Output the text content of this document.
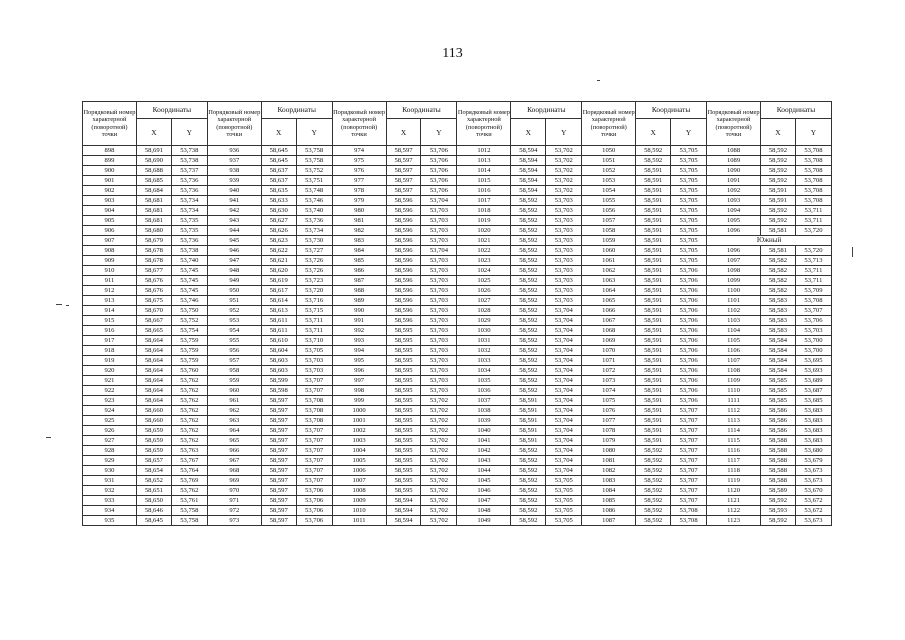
113
Порядковый номер характерной (поворотной) точки	Координаты		Порядковый номер характерной (поворотной) точки	Координаты		Порядковый номер характерной (поворотной) точки	Координаты		Порядковый номер характерной (поворотной) точки	Координаты		Порядковый номер характерной (поворотной) точки	Координаты		Порядковый номер характерной (поворотной) точки	Координаты	
	X	Y		X	Y		X	Y		X	Y		X	Y		X	Y
898	58,691	53,738	936	58,645	53,758	974	58,597	53,706	1012	58,594	53,702	1050	58,592	53,705	1088	58,592	53,708
899	58,690	53,738	937	58,645	53,758	975	58,597	53,706	1013	58,594	53,702	1051	58,592	53,705	1089	58,592	53,708
900	58,688	53,737	938	58,637	53,752	976	58,597	53,706	1014	58,594	53,702	1052	58,591	53,705	1090	58,592	53,708
901	58,685	53,736	939	58,637	53,751	977	58,597	53,706	1015	58,594	53,702	1053	58,591	53,705	1091	58,592	53,708
902	58,684	53,736	940	58,635	53,748	978	58,597	53,706	1016	58,594	53,702	1054	58,591	53,705	1092	58,591	53,708
903	58,681	53,734	941	58,633	53,746	979	58,596	53,704	1017	58,592	53,703	1055	58,591	53,705	1093	58,591	53,708
904	58,681	53,734	942	58,630	53,740	980	58,596	53,703	1018	58,592	53,703	1056	58,591	53,705	1094	58,592	53,711
905	58,681	53,735	943	58,627	53,736	981	58,596	53,703	1019	58,592	53,703	1057	58,591	53,705	1095	58,592	53,711
906	58,680	53,735	944	58,626	53,734	982	58,596	53,703	1020	58,592	53,703	1058	58,591	53,705	1096	58,581	53,720
907	58,679	53,736	945	58,623	53,730	983	58,596	53,703	1021	58,592	53,703	1059	58,591	53,705	Южный		
908	58,678	53,738	946	58,622	53,727	984	58,596	53,704	1022	58,592	53,703	1060	58,591	53,705	1096	58,581	53,720
909	58,678	53,740	947	58,621	53,726	985	58,596	53,703	1023	58,592	53,703	1061	58,591	53,705	1097	58,582	53,713
910	58,677	53,745	948	58,620	53,726	986	58,596	53,703	1024	58,592	53,703	1062	58,591	53,706	1098	58,582	53,711
911	58,676	53,745	949	58,619	53,723	987	58,596	53,703	1025	58,592	53,703	1063	58,591	53,706	1099	58,582	53,711
912	58,676	53,745	950	58,617	53,720	988	58,596	53,703	1026	58,592	53,703	1064	58,591	53,706	1100	58,582	53,709
913	58,675	53,746	951	58,614	53,716	989	58,596	53,703	1027	58,592	53,703	1065	58,591	53,706	1101	58,583	53,708
914	58,670	53,750	952	58,613	53,715	990	58,596	53,703	1028	58,592	53,704	1066	58,591	53,706	1102	58,583	53,707
915	58,667	53,752	953	58,611	53,711	991	58,596	53,703	1029	58,592	53,704	1067	58,591	53,706	1103	58,583	53,706
916	58,665	53,754	954	58,611	53,711	992	58,595	53,703	1030	58,592	53,704	1068	58,591	53,706	1104	58,583	53,703
917	58,664	53,759	955	58,610	53,710	993	58,595	53,703	1031	58,592	53,704	1069	58,591	53,706	1105	58,584	53,700
918	58,664	53,759	956	58,604	53,705	994	58,595	53,703	1032	58,592	53,704	1070	58,591	53,706	1106	58,584	53,700
919	58,664	53,759	957	58,603	53,703	995	58,595	53,703	1033	58,592	53,704	1071	58,591	53,706	1107	58,584	53,695
920	58,664	53,760	958	58,603	53,703	996	58,595	53,703	1034	58,592	53,704	1072	58,591	53,706	1108	58,584	53,693
921	58,664	53,762	959	58,599	53,707	997	58,595	53,703	1035	58,592	53,704	1073	58,591	53,706	1109	58,585	53,689
922	58,664	53,762	960	58,598	53,707	998	58,595	53,703	1036	58,592	53,704	1074	58,591	53,706	1110	58,585	53,687
923	58,664	53,762	961	58,597	53,708	999	58,595	53,702	1037	58,591	53,704	1075	58,591	53,706	1111	58,585	53,685
924	58,660	53,762	962	58,597	53,708	1000	58,595	53,702	1038	58,591	53,704	1076	58,591	53,707	1112	58,586	53,683
925	58,660	53,762	963	58,597	53,708	1001	58,595	53,702	1039	58,591	53,704	1077	58,591	53,707	1113	58,586	53,683
926	58,659	53,762	964	58,597	53,707	1002	58,595	53,702	1040	58,591	53,704	1078	58,591	53,707	1114	58,586	53,683
927	58,659	53,762	965	58,597	53,707	1003	58,595	53,702	1041	58,591	53,704	1079	58,591	53,707	1115	58,588	53,683
928	58,659	53,763	966	58,597	53,707	1004	58,595	53,702	1042	58,592	53,704	1080	58,592	53,707	1116	58,588	53,680
929	58,657	53,767	967	58,597	53,707	1005	58,595	53,702	1043	58,592	53,704	1081	58,592	53,707	1117	58,588	53,679
930	58,654	53,764	968	58,597	53,707	1006	58,595	53,702	1044	58,592	53,704	1082	58,592	53,707	1118	58,588	53,673
931	58,652	53,769	969	58,597	53,707	1007	58,595	53,702	1045	58,592	53,705	1083	58,592	53,707	1119	58,588	53,673
932	58,651	53,762	970	58,597	53,706	1008	58,595	53,702	1046	58,592	53,705	1084	58,592	53,707	1120	58,589	53,670
933	58,650	53,761	971	58,597	53,706	1009	58,594	53,702	1047	58,592	53,705	1085	58,592	53,707	1121	58,592	53,672
934	58,646	53,758	972	58,597	53,706	1010	58,594	53,702	1048	58,592	53,705	1086	58,592	53,708	1122	58,593	53,672
935	58,645	53,758	973	58,597	53,706	1011	58,594	53,702	1049	58,592	53,705	1087	58,592	53,708	1123	58,592	53,673
